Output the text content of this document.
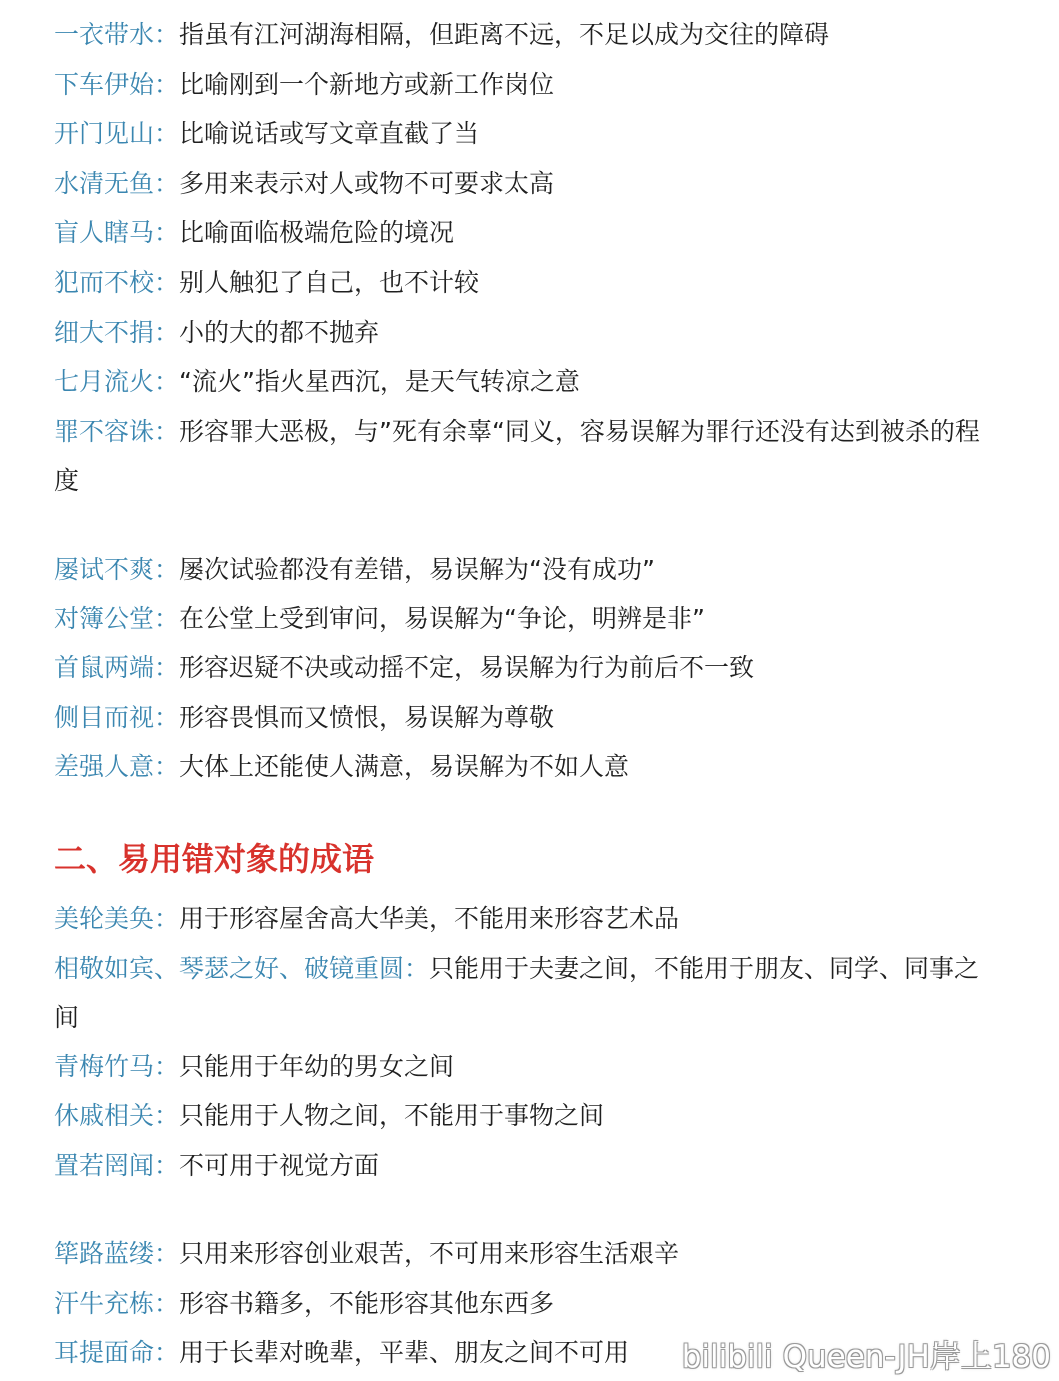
一衣带水：指虽有江河湖海相隔，但距离不远，不足以成为交往的障碍
下车伊始：比喻刚到一个新地方或新工作岗位
开门见山：比喻说话或写文章直截了当
水清无鱼：多用来表示对人或物不可要求太高
盲人瞎马：比喻面临极端危险的境况
犯而不校：别人触犯了自己，也不计较
细大不捐：小的大的都不抛弃
七月流火：“流火”指火星西沉，是天气转凉之意
罪不容诛：形容罪大恶极，与”死有余辜“同义，容易误解为罪行还没有达到被杀的程度
屡试不爽：屡次试验都没有差错，易误解为“没有成功”
对簿公堂：在公堂上受到审问，易误解为“争论，明辨是非”
首鼠两端：形容迟疑不决或动摇不定，易误解为行为前后不一致
侧目而视：形容畏惧而又愤恨，易误解为尊敬
差强人意：大体上还能使人满意，易误解为不如人意
二、易用错对象的成语
美轮美奂：用于形容屋舍高大华美，不能用来形容艺术品
相敬如宾、琴瑟之好、破镜重圆：只能用于夫妻之间，不能用于朋友、同学、同事之间
青梅竹马：只能用于年幼的男女之间
休戚相关：只能用于人物之间，不能用于事物之间
置若罔闻：不可用于视觉方面
筚路蓝缕：只用来形容创业艰苦，不可用来形容生活艰辛
汗牛充栋：形容书籍多，不能形容其他东西多
耳提面命：用于长辈对晚辈，平辈、朋友之间不可用	bilibili Queen-JH岸上180
